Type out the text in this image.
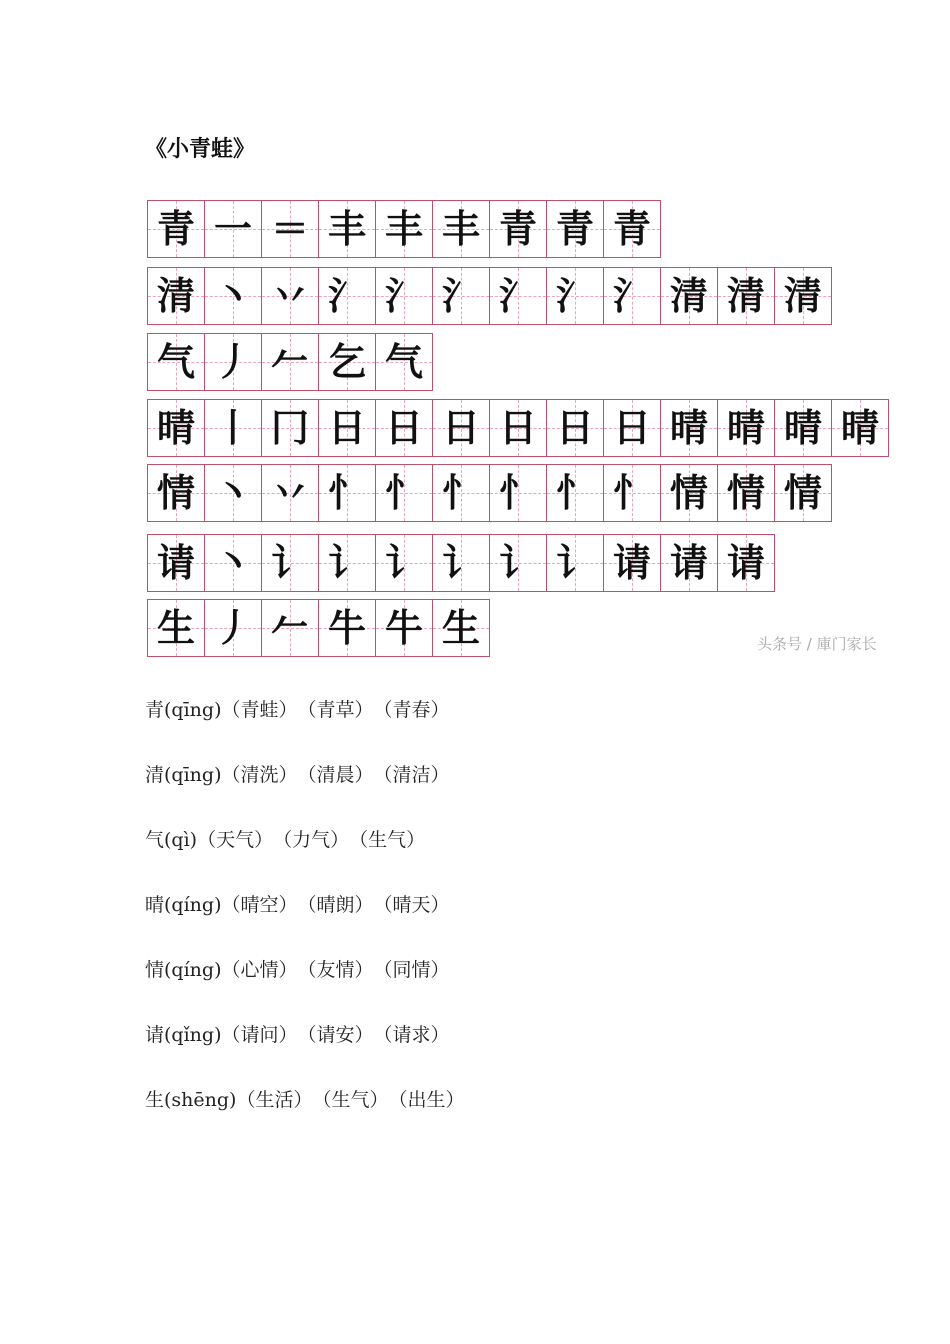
《小青蛙》
青 一 ＝ 丰 丰 丰 青 青 青
清 丶 丷 氵 氵 氵 氵 氵 氵 清 清 清
气 丿 𠂉 乞 气
晴 丨 冂 日 日 日 日 日 日 晴 晴 晴 晴
情 丶 丷 忄 忄 忄 忄 忄 忄 情 情 情
请 丶 讠 讠 讠 讠 讠 讠 请 请 请
生 丿 𠂉 牛 牛 生	头条号 / 庫门家长
青(qīng)（青蛙）（青草）（青春）
清(qīng)（清洗）（清晨）（清洁）
气(qì)（天气）（力气）（生气）
晴(qíng)（晴空）（晴朗）（晴天）
情(qíng)（心情）（友情）（同情）
请(qǐng)（请问）（请安）（请求）
生(shēng)（生活）（生气）（出生）
